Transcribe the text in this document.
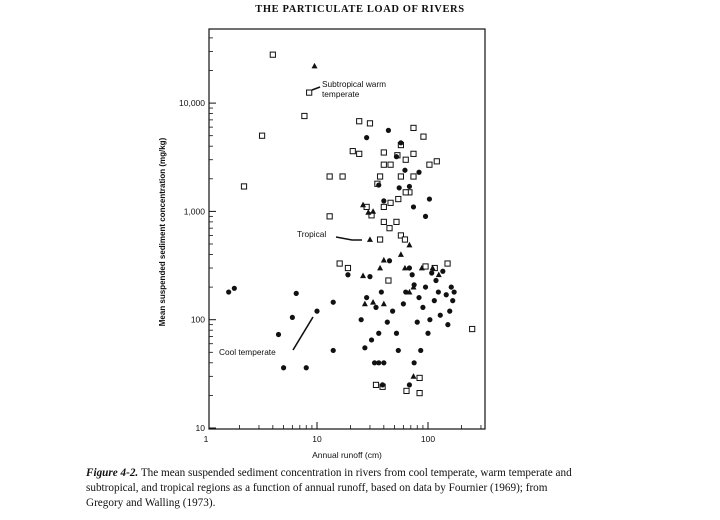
THE PARTICULATE LOAD OF RIVERS
10
100
1,000
10,000
1	10	100
Subtropical warm
temperate
Tropical
Cool temperate
Annual runoff (cm)
Mean suspended sediment concentration (mg/kg)
Figure 4-2. The mean suspended sediment concentration in rivers from cool temperate, warm temperate and subtropical, and tropical regions as a function of annual runoff, based on data by Fournier (1969); from Gregory and Walling (1973).
